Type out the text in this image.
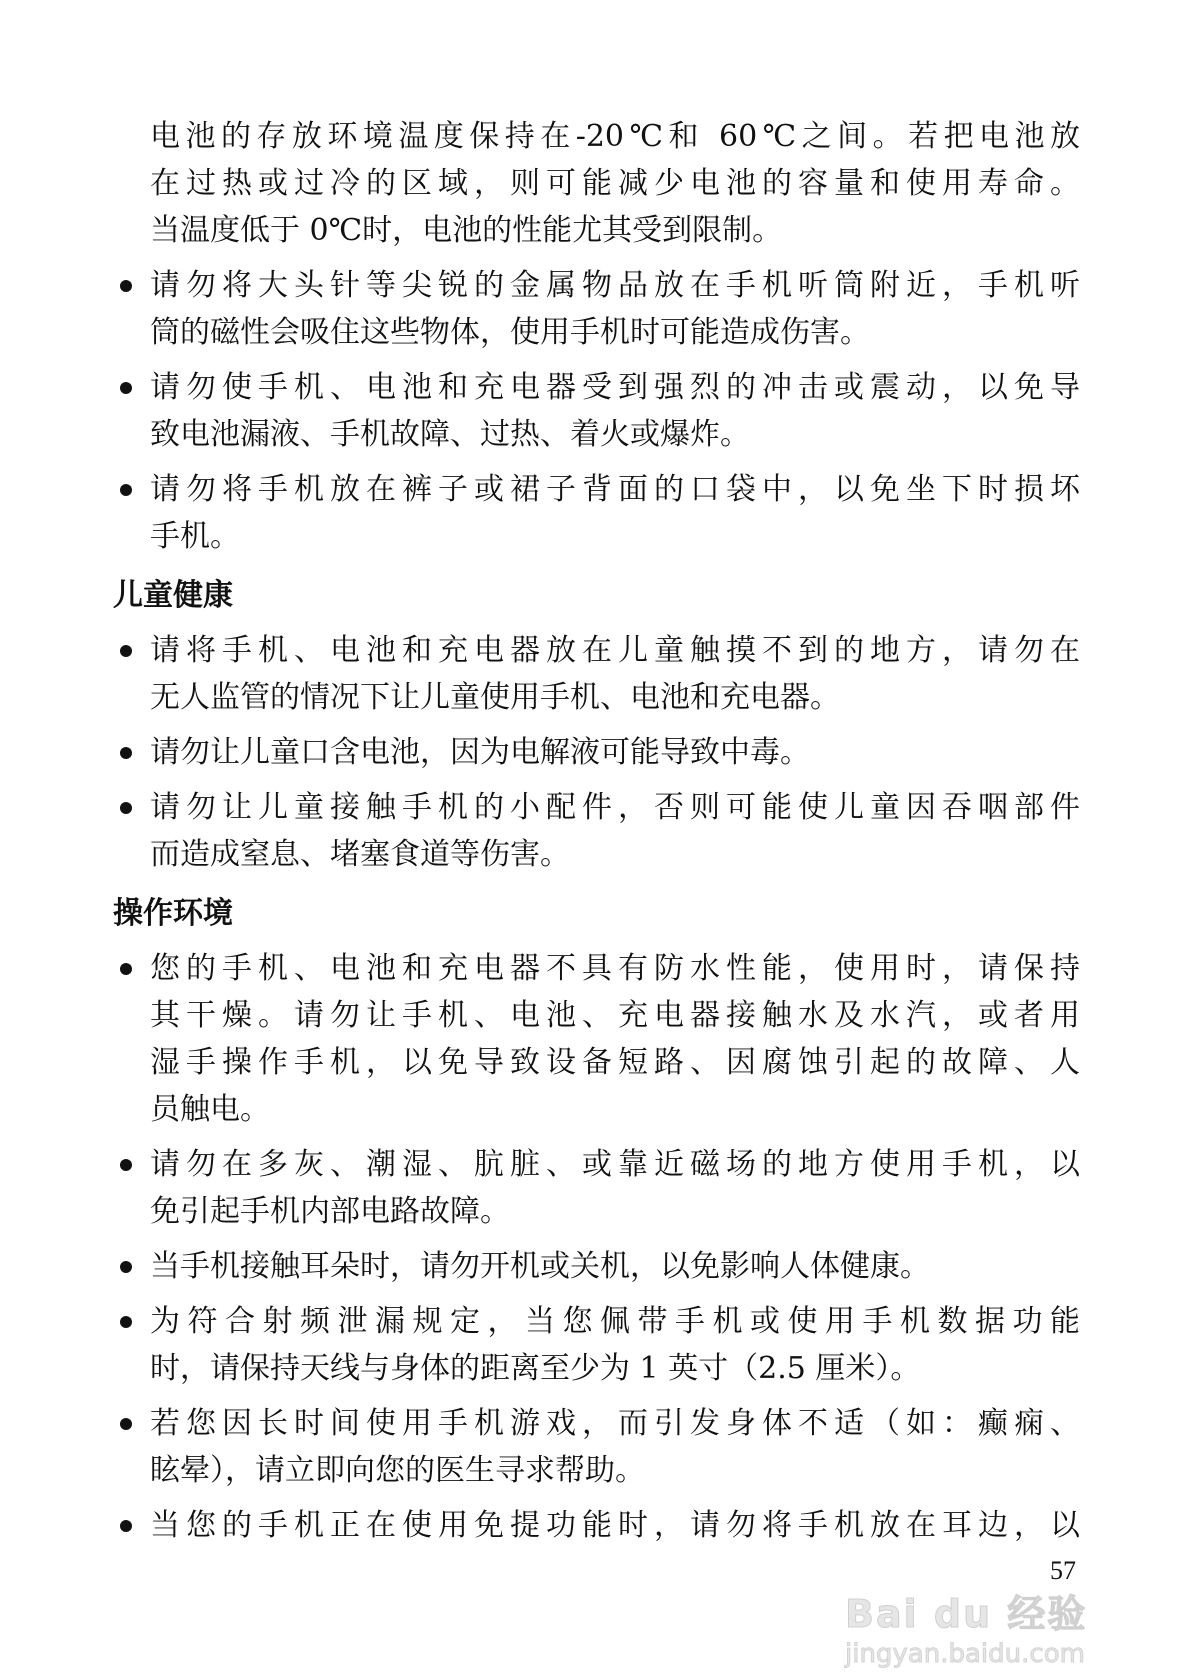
电池的存放环境温度保持在-20℃和 60℃之间。若把电池放
在过热或过冷的区域，则可能减少电池的容量和使用寿命。
当温度低于 0℃时，电池的性能尤其受到限制。
请勿将大头针等尖锐的金属物品放在手机听筒附近，手机听
筒的磁性会吸住这些物体，使用手机时可能造成伤害。
请勿使手机、电池和充电器受到强烈的冲击或震动，以免导
致电池漏液、手机故障、过热、着火或爆炸。
请勿将手机放在裤子或裙子背面的口袋中，以免坐下时损坏
手机。
儿童健康
请将手机、电池和充电器放在儿童触摸不到的地方，请勿在
无人监管的情况下让儿童使用手机、电池和充电器。
请勿让儿童口含电池，因为电解液可能导致中毒。
请勿让儿童接触手机的小配件，否则可能使儿童因吞咽部件
而造成窒息、堵塞食道等伤害。
操作环境
您的手机、电池和充电器不具有防水性能，使用时，请保持
其干燥。请勿让手机、电池、充电器接触水及水汽，或者用
湿手操作手机，以免导致设备短路、因腐蚀引起的故障、人
员触电。
请勿在多灰、潮湿、肮脏、或靠近磁场的地方使用手机，以
免引起手机内部电路故障。
当手机接触耳朵时，请勿开机或关机，以免影响人体健康。
为符合射频泄漏规定，当您佩带手机或使用手机数据功能
时，请保持天线与身体的距离至少为 1 英寸（2.5 厘米）。
若您因长时间使用手机游戏，而引发身体不适（如：癫痫、
眩晕），请立即向您的医生寻求帮助。
当您的手机正在使用免提功能时，请勿将手机放在耳边，以
57
Bai du 经验
jingyan.baidu.com
